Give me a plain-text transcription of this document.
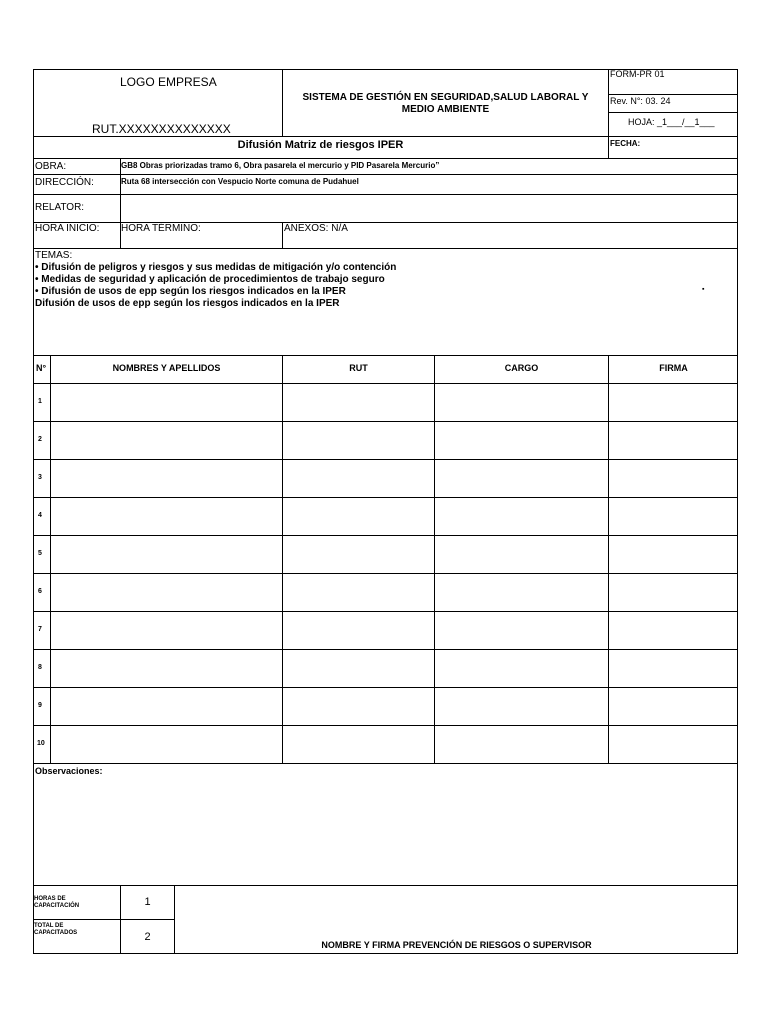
LOGO EMPRESA
RUT.XXXXXXXXXXXXXX
SISTEMA DE GESTIÓN EN SEGURIDAD,SALUD LABORAL Y
MEDIO AMBIENTE
FORM-PR 01
Rev. N°: 03. 24
HOJA: _1___/__1___
Difusión Matriz de riesgos IPER	FECHA:
OBRA:	GB8 Obras priorizadas tramo 6, Obra pasarela el mercurio y PID Pasarela Mercurio”
DIRECCIÓN:	Ruta 68 intersección con Vespucio Norte comuna de Pudahuel
RELATOR:
HORA INICIO: HORA TÉRMINO:	ANEXOS: N/A
TEMAS:
• Difusión de peligros y riesgos y sus medidas de mitigación y/o contención
• Medidas de seguridad y aplicación de procedimientos de trabajo seguro
• Difusión de usos de epp según los riesgos indicados en la IPER
Difusión de usos de epp según los riesgos indicados en la IPER
▪
N°	NOMBRES Y APELLIDOS	RUT	CARGO	FIRMA
1
2
3
4
5
6
7
8
9
10
Observaciones:
HORAS DE
CAPACITACIÓN	1
TOTAL DE
CAPACITADOS	2
NOMBRE Y FIRMA PREVENCIÓN DE RIESGOS O SUPERVISOR
